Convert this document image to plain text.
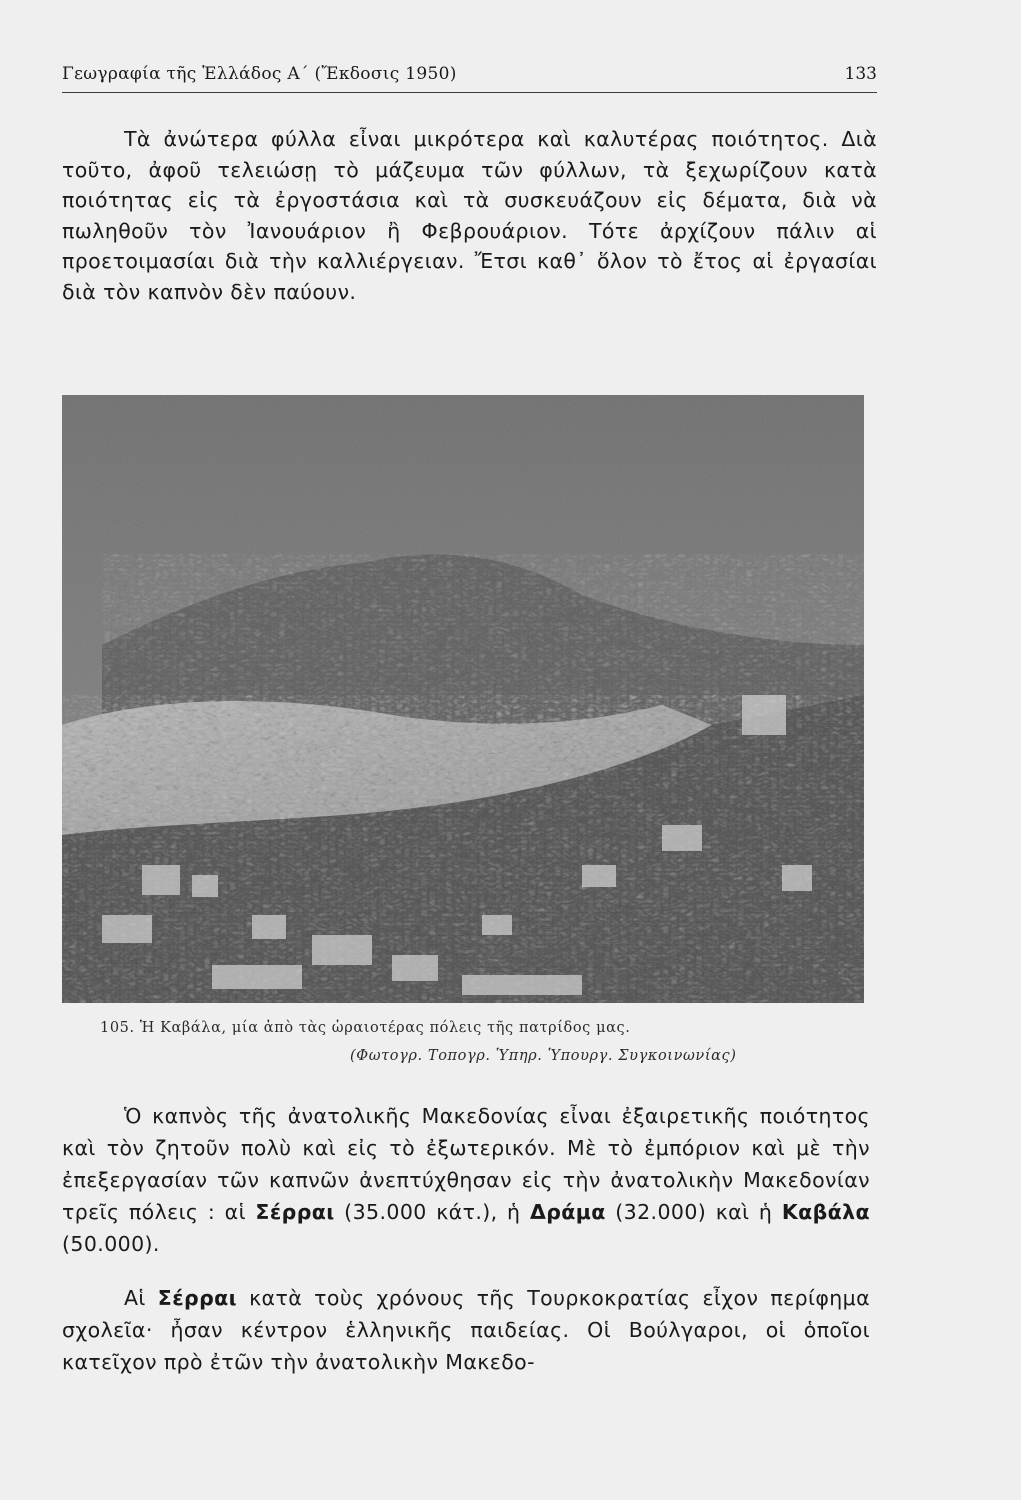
Γεωγραφία τῆς Ἑλλάδος Α΄ (Ἔκδοσις 1950)	133

Τὰ ἀνώτερα φύλλα εἶναι μικρότερα καὶ καλυτέρας ποιότητος. Διὰ τοῦτο, ἀφοῦ τελειώσῃ τὸ μάζευμα τῶν φύλλων, τὰ ξεχωρίζουν κατὰ ποιότητας εἰς τὰ ἐργοστάσια καὶ τὰ συσκευάζουν εἰς δέματα, διὰ νὰ πωληθοῦν τὸν Ἰανουάριον ἢ Φεβρουάριον. Τότε ἀρχίζουν πάλιν αἱ προετοιμασίαι διὰ τὴν καλλιέργειαν. Ἔτσι καθ᾿ ὅλον τὸ ἔτος αἱ ἐργασίαι διὰ τὸν καπνὸν δὲν παύουν.

105. Ἡ Καβάλα, μία ἀπὸ τὰς ὡραιοτέρας πόλεις τῆς πατρίδος μας.
(Φωτογρ. Τοπογρ. Ὑπηρ. Ὑπουργ. Συγκοινωνίας)

Ὁ καπνὸς τῆς ἀνατολικῆς Μακεδονίας εἶναι ἐξαιρετικῆς ποιότητος καὶ τὸν ζητοῦν πολὺ καὶ εἰς τὸ ἐξωτερικόν. Μὲ τὸ ἐμπόριον καὶ μὲ τὴν ἐπεξεργασίαν τῶν καπνῶν ἀνεπτύχθησαν εἰς τὴν ἀνατολικὴν Μακεδονίαν τρεῖς πόλεις : αἱ Σέρραι (35.000 κάτ.), ἡ Δράμα (32.000) καὶ ἡ Καβάλα (50.000).

Αἱ Σέρραι κατὰ τοὺς χρόνους τῆς Τουρκοκρατίας εἶχον περίφημα σχολεῖα· ἦσαν κέντρον ἑλληνικῆς παιδείας. Οἱ Βούλγαροι, οἱ ὁποῖοι κατεῖχον πρὸ ἐτῶν τὴν ἀνατολικὴν Μακεδο-
